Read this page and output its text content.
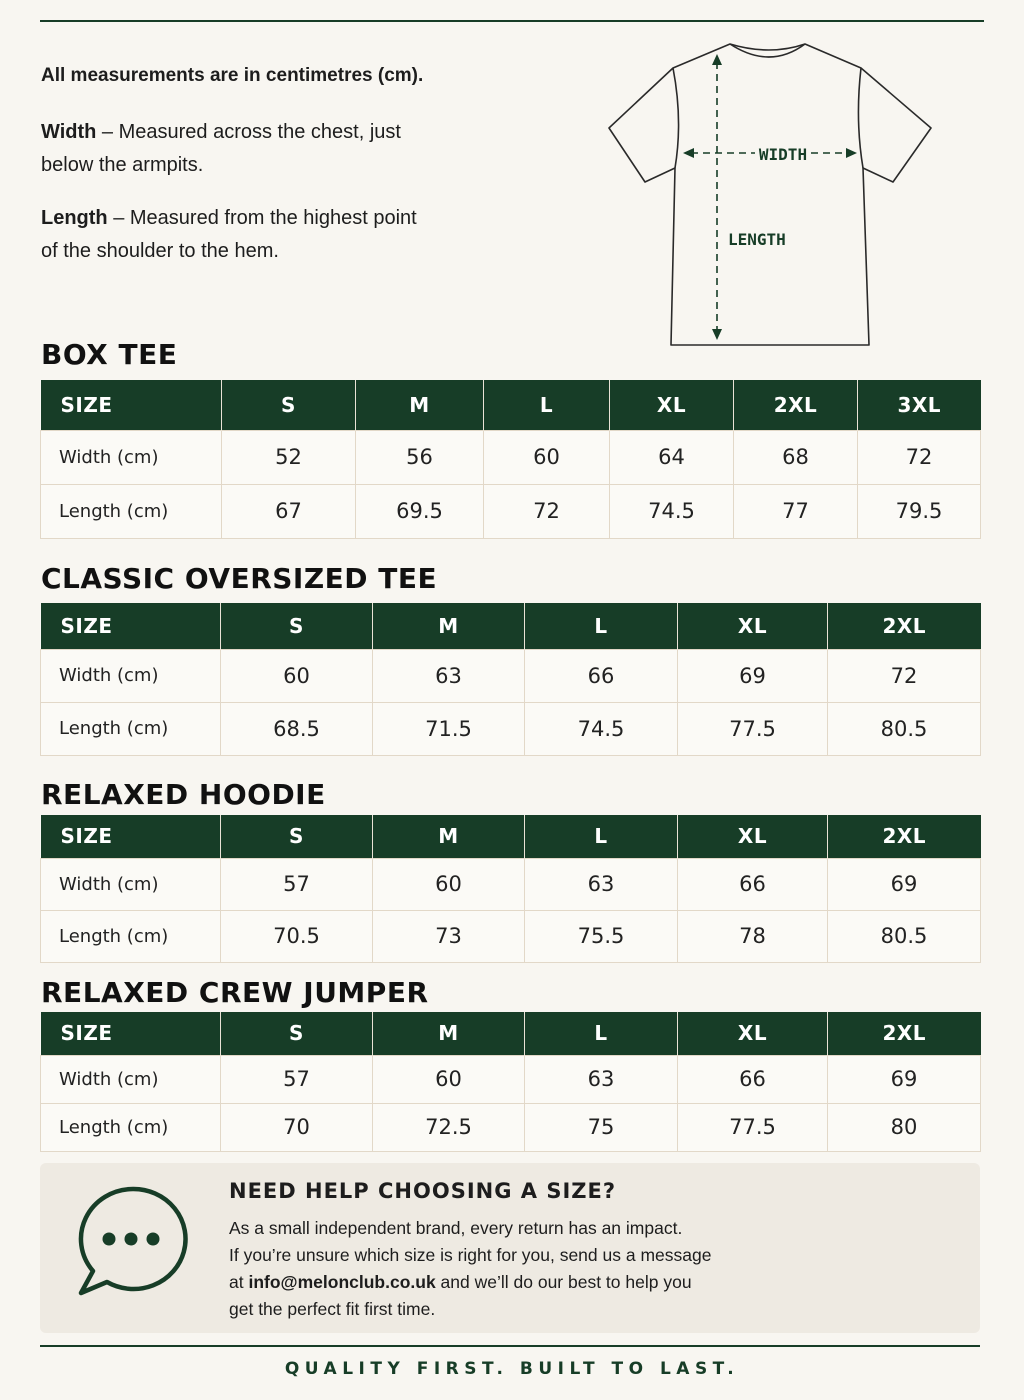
All measurements are in centimetres (cm).

Width – Measured across the chest, just below the armpits.

Length – Measured from the highest point of the shoulder to the hem.

WIDTH
LENGTH
BOX TEE
SIZE	S	M	L	XL	2XL	3XL
Width (cm)	52	56	60	64	68	72
Length (cm)	67	69.5	72	74.5	77	79.5
CLASSIC OVERSIZED TEE
SIZE	S	M	L	XL	2XL
Width (cm)	60	63	66	69	72
Length (cm)	68.5	71.5	74.5	77.5	80.5
RELAXED HOODIE
SIZE	S	M	L	XL	2XL
Width (cm)	57	60	63	66	69
Length (cm)	70.5	73	75.5	78	80.5
RELAXED CREW JUMPER
SIZE	S	M	L	XL	2XL
Width (cm)	57	60	63	66	69
Length (cm)	70	72.5	75	77.5	80
NEED HELP CHOOSING A SIZE?

As a small independent brand, every return has an impact.
If you’re unsure which size is right for you, send us a message
at info@melonclub.co.uk and we’ll do our best to help you
get the perfect fit first time.

QUALITY FIRST. BUILT TO LAST.
